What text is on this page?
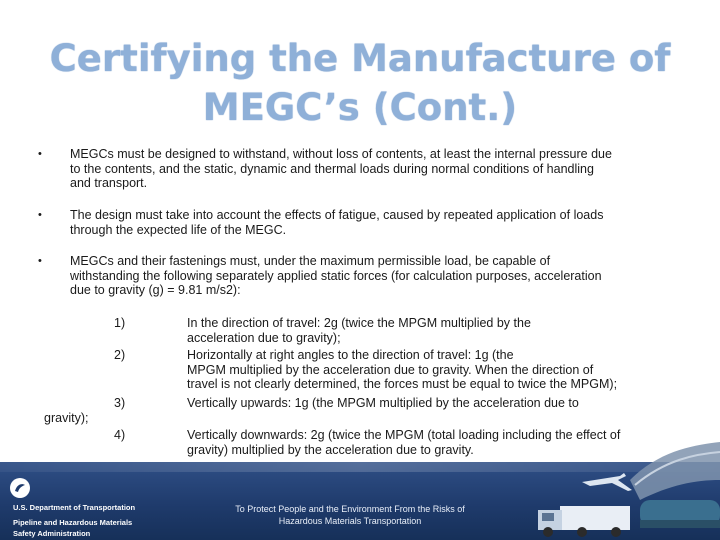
Certifying the Manufacture of
MEGC’s (Cont.)
• MEGCs must be designed to withstand, without loss of contents, at least the internal pressure due
to the contents, and the static, dynamic and thermal loads during normal conditions of handling
and transport.
• The design must take into account the effects of fatigue, caused by repeated application of loads
through the expected life of the MEGC.
• MEGCs and their fastenings must, under the maximum permissible load, be capable of
withstanding the following separately applied static forces (for calculation purposes, acceleration
due to gravity (g) = 9.81 m/s2):
1)	In the direction of travel: 2g (twice the MPGM multiplied by the
acceleration due to gravity);
2)	Horizontally at right angles to the direction of travel: 1g (the
MPGM multiplied by the acceleration due to gravity. When the direction of
travel is not clearly determined, the forces must be equal to twice the MPGM);
3)	Vertically upwards: 1g (the MPGM multiplied by the acceleration due to
gravity);
4)	Vertically downwards: 2g (twice the MPGM (total loading including the effect of
gravity) multiplied by the acceleration due to gravity.
U.S. Department of Transportation
Pipeline and Hazardous Materials
Safety Administration
To Protect People and the Environment From the Risks of
Hazardous Materials Transportation
